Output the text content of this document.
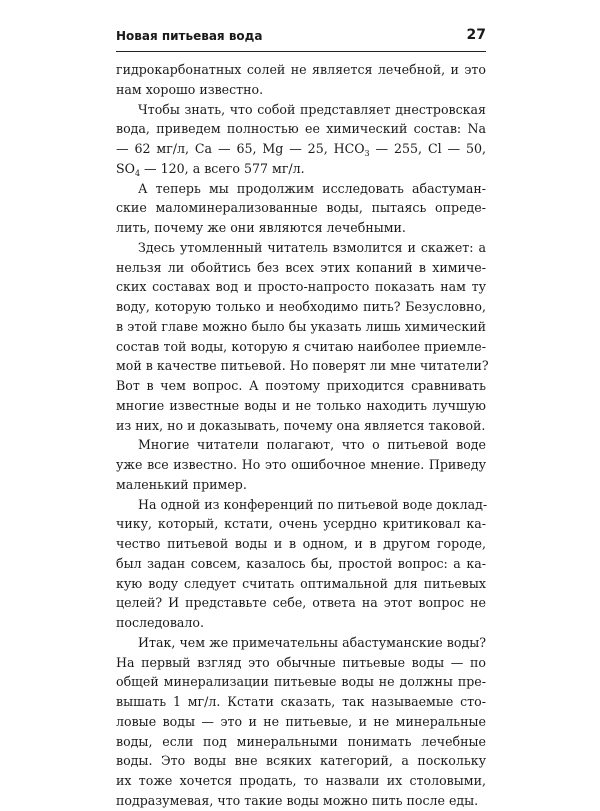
Новая питьевая вода	27
гидрокарбонатных солей не является лечебной, и это
нам хорошо известно.
Чтобы знать, что собой представляет днестровская
вода, приведем полностью ее химический состав: Na
— 62 мг/л, Ca — 65, Mg — 25, $HCO_3$ — 255, Cl — 50,
$SO_4$ — 120, а всего 577 мг/л.
А теперь мы продолжим исследовать абастуман-
ские маломинерализованные воды, пытаясь опреде-
лить, почему же они являются лечебными.
Здесь утомленный читатель взмолится и скажет: а
нельзя ли обойтись без всех этих копаний в химиче-
ских составах вод и просто-напросто показать нам ту
воду, которую только и необходимо пить? Безусловно,
в этой главе можно было бы указать лишь химический
состав той воды, которую я считаю наиболее приемле-
мой в качестве питьевой. Но поверят ли мне читатели?
Вот в чем вопрос. А поэтому приходится сравнивать
многие известные воды и не только находить лучшую
из них, но и доказывать, почему она является таковой.
Многие читатели полагают, что о питьевой воде
уже все известно. Но это ошибочное мнение. Приведу
маленький пример.
На одной из конференций по питьевой воде доклад-
чику, который, кстати, очень усердно критиковал ка-
чество питьевой воды и в одном, и в другом городе,
был задан совсем, казалось бы, простой вопрос: а ка-
кую воду следует считать оптимальной для питьевых
целей? И представьте себе, ответа на этот вопрос не
последовало.
Итак, чем же примечательны абастуманские воды?
На первый взгляд это обычные питьевые воды — по
общей минерализации питьевые воды не должны пре-
вышать 1 мг/л. Кстати сказать, так называемые сто-
ловые воды — это и не питьевые, и не минеральные
воды, если под минеральными понимать лечебные
воды. Это воды вне всяких категорий, а поскольку
их тоже хочется продать, то назвали их столовыми,
подразумевая, что такие воды можно пить после еды.
